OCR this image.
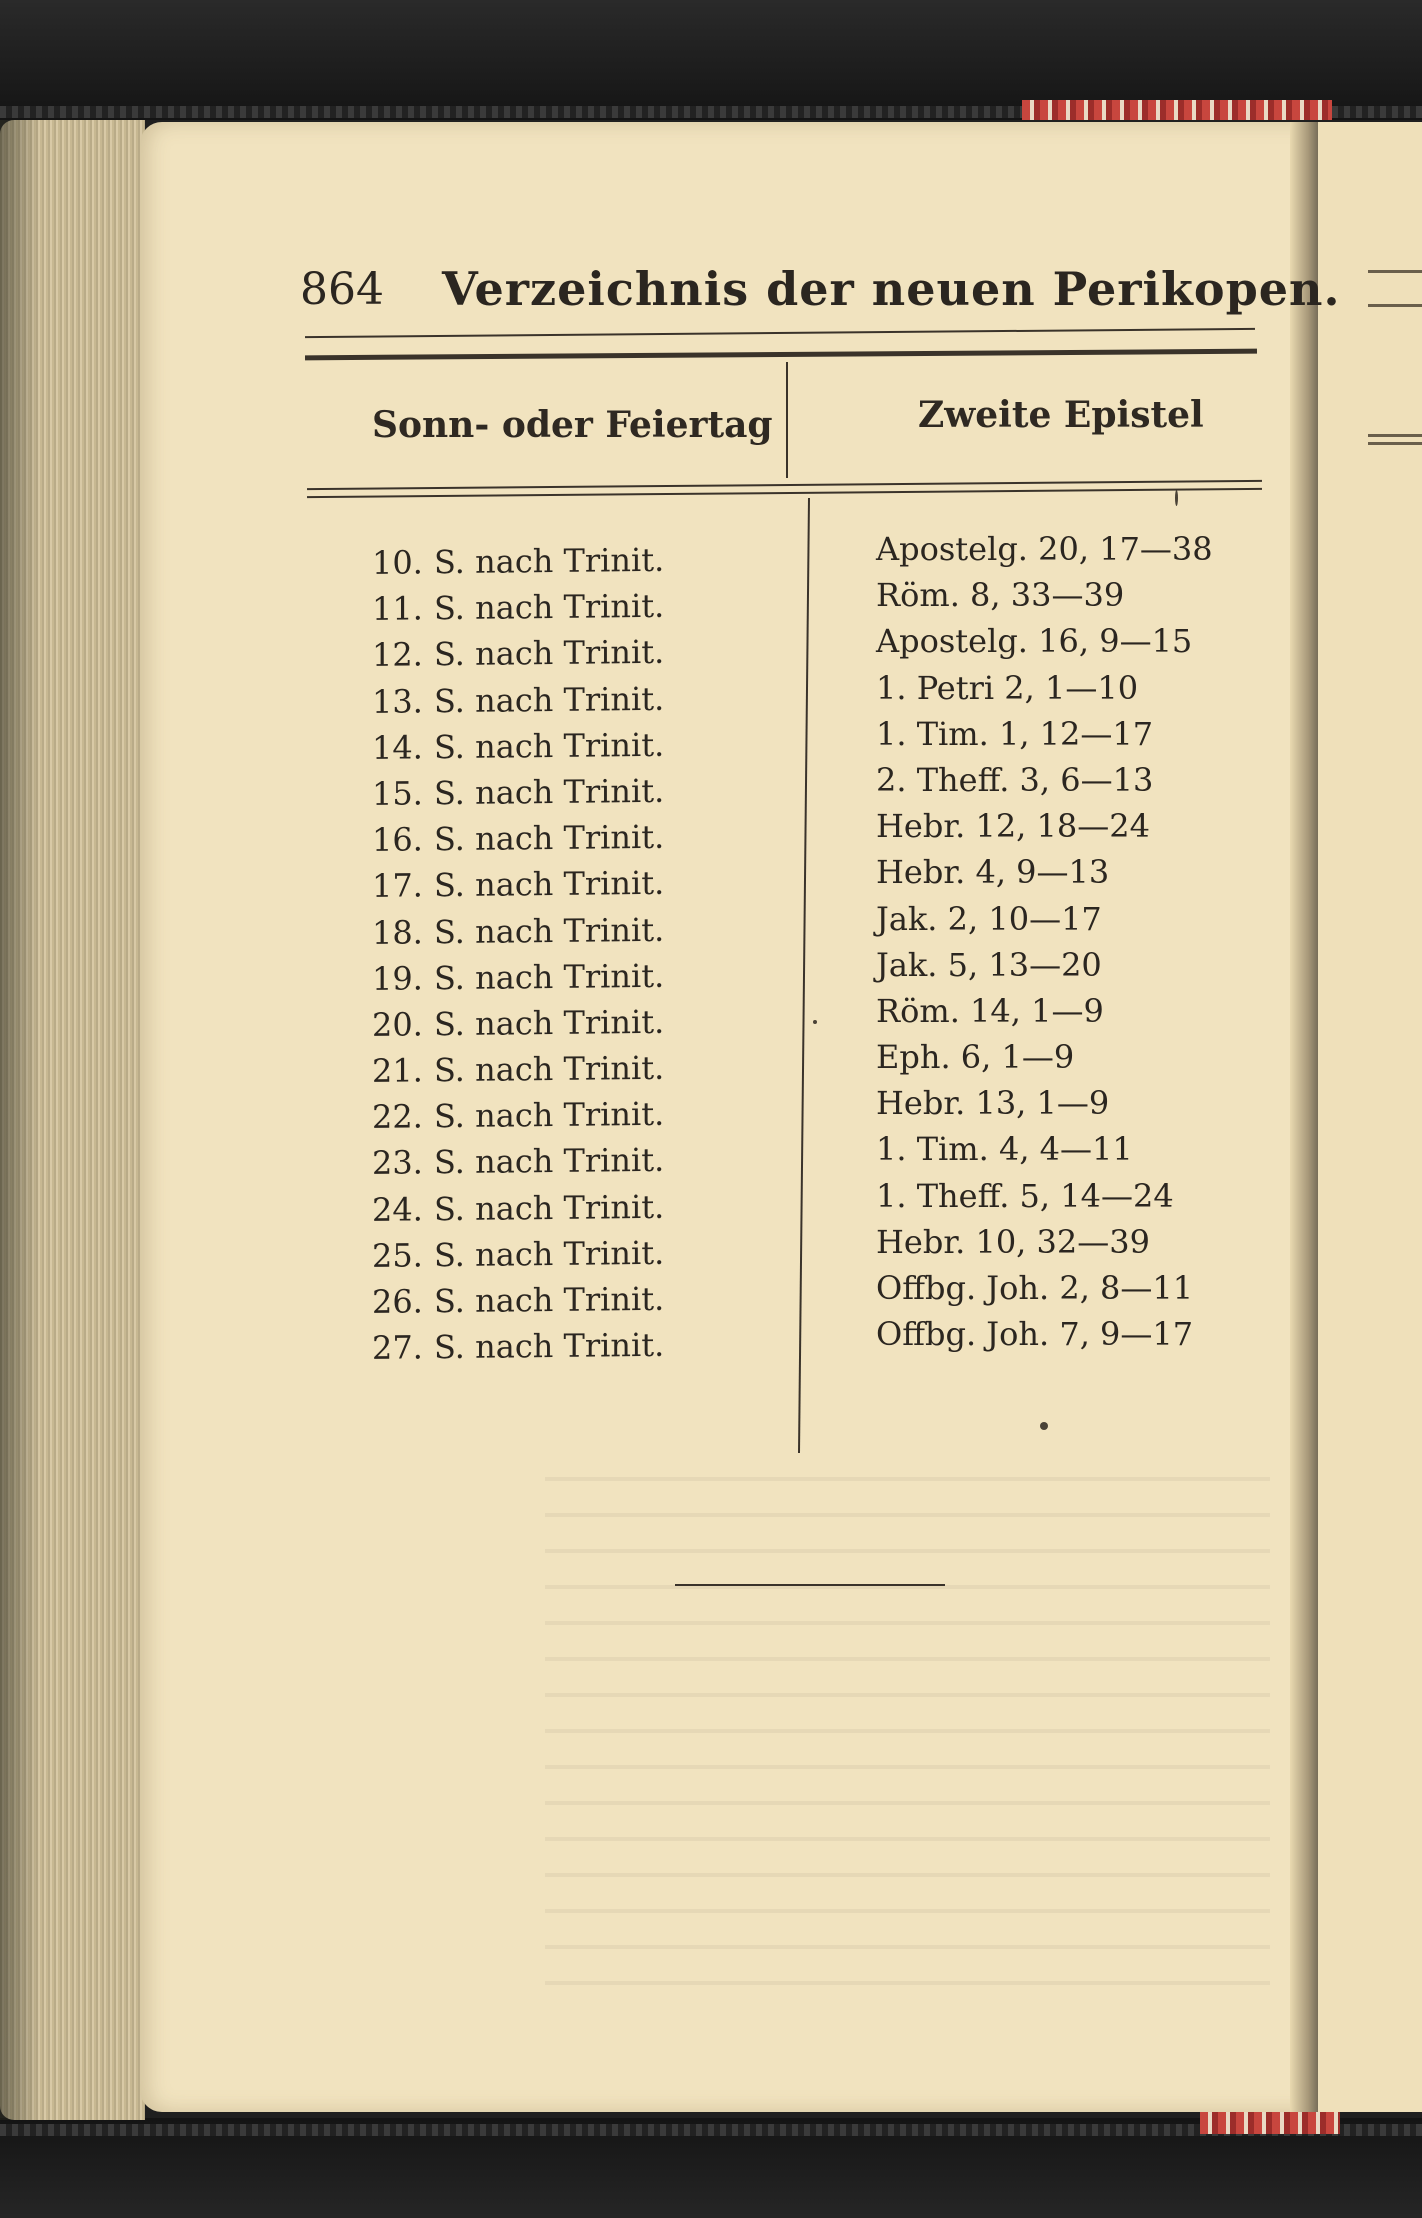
864 Verzeichnis der neuen Perikopen.
Sonn- oder Feiertag	Zweite Epistel
10. S. nach Trinit.
11. S. nach Trinit.
12. S. nach Trinit.
13. S. nach Trinit.
14. S. nach Trinit.
15. S. nach Trinit.
16. S. nach Trinit.
17. S. nach Trinit.
18. S. nach Trinit.
19. S. nach Trinit.
20. S. nach Trinit.
21. S. nach Trinit.
22. S. nach Trinit.
23. S. nach Trinit.
24. S. nach Trinit.
25. S. nach Trinit.
26. S. nach Trinit.
27. S. nach Trinit.
Apostelg. 20, 17—38
Röm. 8, 33—39
Apostelg. 16, 9—15
1. Petri 2, 1—10
1. Tim. 1, 12—17
2. Theff. 3, 6—13
Hebr. 12, 18—24
Hebr. 4, 9—13
Jak. 2, 10—17
Jak. 5, 13—20
Röm. 14, 1—9
Eph. 6, 1—9
Hebr. 13, 1—9
1. Tim. 4, 4—11
1. Theff. 5, 14—24
Hebr. 10, 32—39
Offbg. Joh. 2, 8—11
Offbg. Joh. 7, 9—17
